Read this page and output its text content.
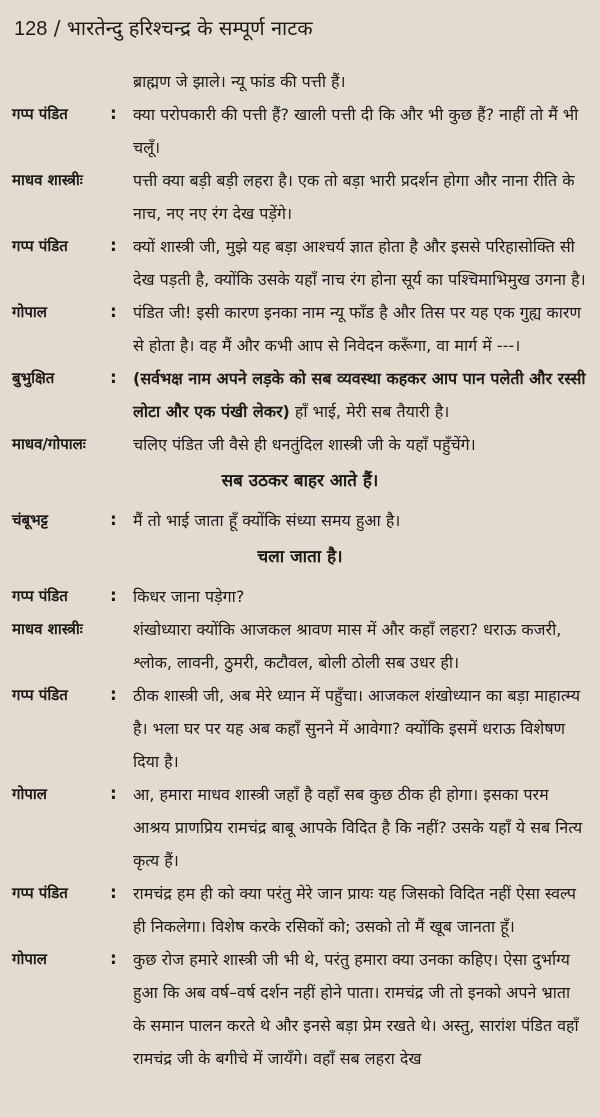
128 / भारतेन्दु हरिश्चन्द्र के सम्पूर्ण नाटक
ब्राह्मण जे झाले। न्यू फांड की पत्ती हैं।
गप्प पंडित	: क्या परोपकारी की पत्ती हैं? खाली पत्ती दी कि और भी कुछ हैं? नाहीं तो मैं भी चलूँ।
माधव शास्त्रीः	पत्ती क्या बड़ी बड़ी लहरा है। एक तो बड़ा भारी प्रदर्शन होगा और नाना रीति के नाच, नए नए रंग देख पड़ेंगे।
गप्प पंडित	: क्यों शास्त्री जी, मुझे यह बड़ा आश्चर्य ज्ञात होता है और इससे परिहासोक्ति सी देख पड़ती है, क्योंकि उसके यहाँ नाच रंग होना सूर्य का पश्चिमाभिमुख उगना है।
गोपाल	: पंडित जी! इसी कारण इनका नाम न्यू फाँड है और तिस पर यह एक गुह्य कारण से होता है। वह मैं और कभी आप से निवेदन करूँगा, वा मार्ग में ---।
बुभुक्षित	: (सर्वभक्ष नाम अपने लड़के को सब व्यवस्था कहकर आप पान पलेती और रस्सी लोटा और एक पंखी लेकर) हाँ भाई, मेरी सब तैयारी है।
माधव/गोपालः	चलिए पंडित जी वैसे ही धनतुंदिल शास्त्री जी के यहाँ पहुँचेंगे।
सब उठकर बाहर आते हैं।
चंबूभट्ट	: मैं तो भाई जाता हूँ क्योंकि संध्या समय हुआ है।
चला जाता है।
गप्प पंडित	: किधर जाना पड़ेगा?
माधव शास्त्रीः	शंखोध्यारा क्योंकि आजकल श्रावण मास में और कहाँ लहरा? धराऊ कजरी, श्लोक, लावनी, ठुमरी, कटौवल, बोली ठोली सब उधर ही।
गप्प पंडित	: ठीक शास्त्री जी, अब मेरे ध्यान में पहुँचा। आजकल शंखोध्यान का बड़ा माहात्म्य है। भला घर पर यह अब कहाँ सुनने में आवेगा? क्योंकि इसमें धराऊ विशेषण दिया है।
गोपाल	: आ, हमारा माधव शास्त्री जहाँ है वहाँ सब कुछ ठीक ही होगा। इसका परम आश्रय प्राणप्रिय रामचंद्र बाबू आपके विदित है कि नहीं? उसके यहाँ ये सब नित्य कृत्य हैं।
गप्प पंडित	: रामचंद्र हम ही को क्या परंतु मेरे जान प्रायः यह जिसको विदित नहीं ऐसा स्वल्प ही निकलेगा। विशेष करके रसिकों को; उसको तो मैं खूब जानता हूँ।
गोपाल	: कुछ रोज हमारे शास्त्री जी भी थे, परंतु हमारा क्या उनका कहिए। ऐसा दुर्भाग्य हुआ कि अब वर्ष–वर्ष दर्शन नहीं होने पाता। रामचंद्र जी तो इनको अपने भ्राता के समान पालन करते थे और इनसे बड़ा प्रेम रखते थे। अस्तु, सारांश पंडित वहाँ रामचंद्र जी के बगीचे में जायँगे। वहाँ सब लहरा देख
